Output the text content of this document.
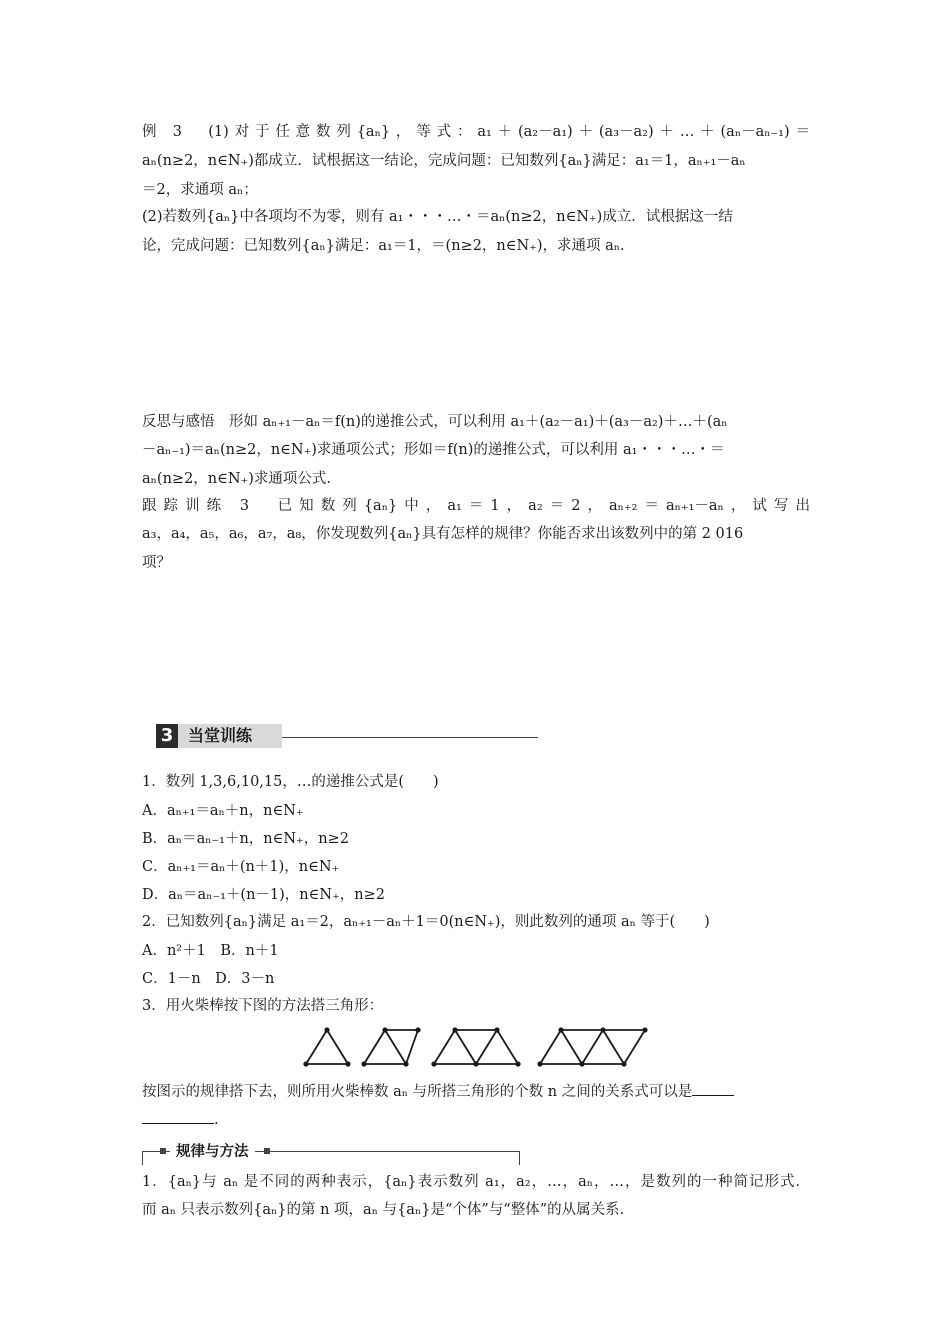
例 3　(1)对于任意数列{aₙ}，等式：a₁＋(a₂－a₁)＋(a₃－a₂)＋…＋(aₙ－aₙ₋₁)＝
aₙ(n≥2，n∈N₊)都成立．试根据这一结论，完成问题：已知数列{aₙ}满足：a₁＝1，aₙ₊₁－aₙ
＝2，求通项 aₙ；
(2)若数列{aₙ}中各项均不为零，则有 a₁・・・…・＝aₙ(n≥2，n∈N₊)成立．试根据这一结
论，完成问题：已知数列{aₙ}满足：a₁＝1，＝(n≥2，n∈N₊)，求通项 aₙ.
反思与感悟　形如 aₙ₊₁－aₙ＝f(n)的递推公式，可以利用 a₁＋(a₂－a₁)＋(a₃－a₂)＋…＋(aₙ
－aₙ₋₁)＝aₙ(n≥2，n∈N₊)求通项公式；形如＝f(n)的递推公式，可以利用 a₁・・・…・＝
aₙ(n≥2，n∈N₊)求通项公式.
跟踪训练 3　已知数列{aₙ}中，a₁＝1，a₂＝2，aₙ₊₂＝aₙ₊₁－aₙ，试写出
a₃，a₄，a₅，a₆，a₇，a₈，你发现数列{aₙ}具有怎样的规律？你能否求出该数列中的第 2 016
项？
3 当堂训练
1．数列 1,3,6,10,15，…的递推公式是(　　)
A．aₙ₊₁＝aₙ＋n，n∈N₊
B．aₙ＝aₙ₋₁＋n，n∈N₊，n≥2
C．aₙ₊₁＝aₙ＋(n＋1)，n∈N₊
D．aₙ＝aₙ₋₁＋(n－1)，n∈N₊，n≥2
2．已知数列{aₙ}满足 a₁＝2，aₙ₊₁－aₙ＋1＝0(n∈N₊)，则此数列的通项 aₙ 等于(　　)
A．n²＋1　B．n＋1
C．1－n　D．3－n
3．用火柴棒按下图的方法搭三角形：
按图示的规律搭下去，则所用火柴棒数 aₙ 与所搭三角形的个数 n 之间的关系式可以是
.
规律与方法
1．{aₙ}与 aₙ 是不同的两种表示，{aₙ}表示数列 a₁，a₂，…，aₙ，…，是数列的一种简记形式．
而 aₙ 只表示数列{aₙ}的第 n 项，aₙ 与{aₙ}是“个体”与“整体”的从属关系.
